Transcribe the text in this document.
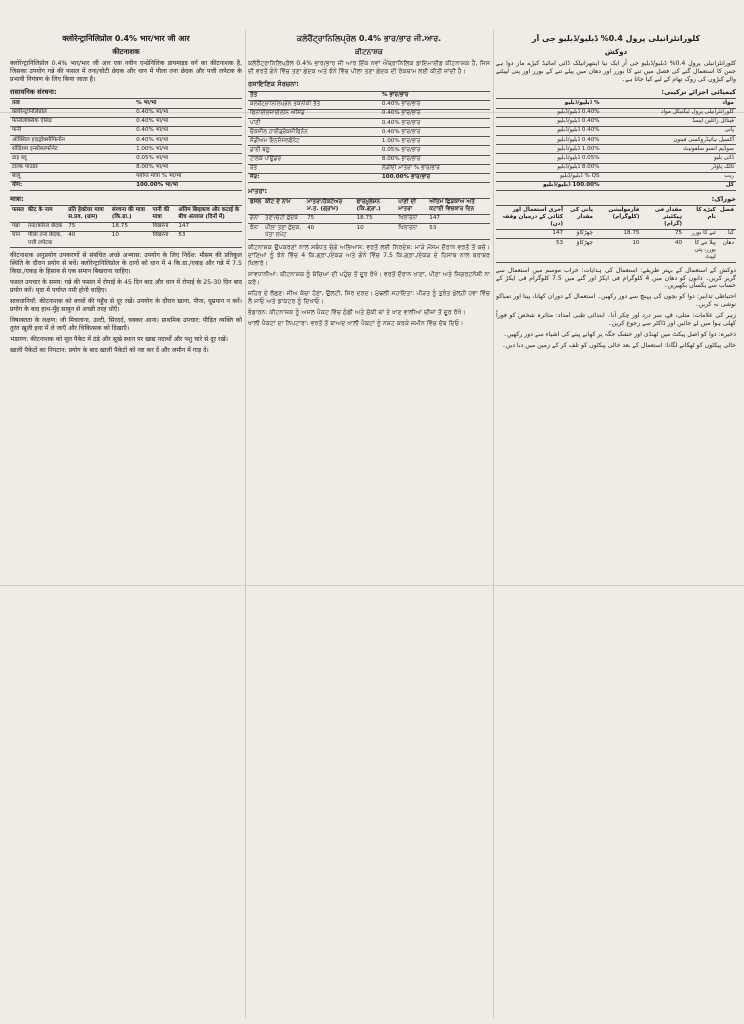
क्लोरेन्ट्रानिलिप्रोल 0.4% भार/भार जी आर
कीटनाशक

क्लोरेन्ट्रानिलिप्रोल 0.4% भार/भार जी आर एक नवीन एन्थ्रेनिलिक डायमाइड वर्ग का कीटनाशक है, जिसका उपयोग गन्ने की फसल में तना/चोटी छेदक और धान में पीला तना छेदक और पत्ती लपेटक के प्रभावी नियंत्रण के लिए किया जाता है।

रासायनिक संरचना:
तत्व	% भा/भा
क्लोरेन्ट्रानिलिप्रोल	0.40% भा/भा
फेनिलिक्सिक ऐसिड	0.40% भा/भा
पानी	0.40% भा/भा
ऑक्सिल हाइड्रोक्सीफिनोन	0.40% भा/भा
सोडियम इन्सोसल्फोनेट	1.00% भा/भा
डाइ ब्लू	0.05% भा/भा
टाल्क पाउडर	8.00% भा/भा
बालू	पर्याप्त मात्रा % भा/भा
योग:	100.00% भा/भा
मात्रा:
फसल	कीट के नाम	प्रति हेक्टेयर मात्रा स.प्रव. (ग्राम)	संरचना की मात्रा (कि.ग्रा.)	पानी की मात्रा	अंतिम छिड़काव और कटाई के बीच अंतराल (दिनों में)
गन्ना	तना/कोरल छेदक	75	18.75	विखरना	147
धान	पीला तना छेदक, पत्ती लपेटक	40	10	विखरना	53

कीटनाशक अनुप्रयोग उपकरणों से संबंधित अच्छे अभ्यास: उपयोग के लिए निर्देश: मौसम की प्रतिकूल स्थिति के दौरान प्रयोग से बचें। क्लोरेन्ट्रानिलिप्रोल के दानों को धान में 4 कि.ग्रा./एकड़ और गन्ने में 7.5 किग्रा./एकड़ के हिसाब से एक समान बिखराना चाहिए।

फसल उपचार के समय: गन्ने की फसल में रोपाई के 45 दिन बाद और धान में रोपाई के 25-30 दिन बाद प्रयोग करें। मृदा में पर्याप्त नमी होनी चाहिए।

सावधानियाँ: कीटनाशक को बच्चों की पहुँच से दूर रखें। उपयोग के दौरान खाना, पीना, धूम्रपान न करें। प्रयोग के बाद हाथ-मुँह साबुन से अच्छी तरह धोएँ।

विषाक्तता के लक्षण: जी मिचलाना, उल्टी, सिरदर्द, चक्कर आना। प्राथमिक उपचार: पीड़ित व्यक्ति को तुरंत खुली हवा में ले जाएँ और चिकित्सक को दिखाएँ।

भंडारण: कीटनाशक को मूल पैकेट में ठंडे और सूखे स्थान पर खाद्य पदार्थों और पशु चारे से दूर रखें।

खाली पैकेटों का निपटान: प्रयोग के बाद खाली पैकेटों को नष्ट कर दें और जमीन में गाड़ दें।

ਕਲੋਰੈਂਟ੍ਰਾਨਿਲਿਪ੍ਰੋਲ 0.4% ਭਾਰ/ਭਾਰ ਜੀ.ਆਰ.
ਕੀਟਨਾਸ਼ਕ

ਕਲੋਰੈਂਟ੍ਰਾਨਿਲਿਪ੍ਰੋਲ 0.4% ਭਾਰ/ਭਾਰ ਜੀ ਆਰ ਇੱਕ ਨਵਾਂ ਐਂਥ੍ਰਾਨਿਲਿਕ ਡਾਇਮਾਈਡ ਕੀਟਨਾਸ਼ਕ ਹੈ, ਜਿਸ ਦੀ ਵਰਤੋਂ ਗੰਨੇ ਵਿੱਚ ਤਣਾ ਛੇਦਕ ਅਤੇ ਝੋਨੇ ਵਿੱਚ ਪੀਲਾ ਤਣਾ ਛੇਦਕ ਦੀ ਰੋਕਥਾਮ ਲਈ ਕੀਤੀ ਜਾਂਦੀ ਹੈ।

ਰਸਾਇਣਿਕ ਸੰਰਚਨਾ:
ਤੱਤ	% ਭਾਰ/ਭਾਰ
ਕਲੋਰੈਂਟ੍ਰਾਨਿਲਿਪ੍ਰੋਲ ਤਕਨੀਕੀ ਤੱਤ	0.40% ਭਾਰ/ਭਾਰ
ਫਿਨਾਈਲਜ਼ਾਈਲੀਨ ਐਸਿਡ	0.40% ਭਾਰ/ਭਾਰ
ਪਾਣੀ	0.40% ਭਾਰ/ਭਾਰ
ਓਕਸੀਲ ਹਾਈਡ੍ਰੋਕਸੀਫਿਨੋਨ	0.40% ਭਾਰ/ਭਾਰ
ਸੋਡੀਅਮ ਇਨਸੋਸਲਫੋਨੇਟ	1.00% ਭਾਰ/ਭਾਰ
ਡਾਈ ਬਲੂ	0.05% ਭਾਰ/ਭਾਰ
ਟਾਲਕ ਪਾਊਡਰ	8.00% ਭਾਰ/ਭਾਰ
ਰੇਤ	ਲੋੜੀਂਦੀ ਮਾਤਰਾ % ਭਾਰ/ਭਾਰ
ਜੋੜ:	100.00% ਭਾਰ/ਭਾਰ
ਮਾਤਰਾ:
ਫਸਲ	ਕੀਟ ਦੇ ਨਾਮ	ਮਾਤਰਾ/ਹੈਕਟੇਅਰ ਮ.ਤ. (ਗ੍ਰਾਮ)	ਫਾਰਮੂਲੇਸ਼ਨ (ਕਿ.ਗ੍ਰਾ.)	ਪਾਣੀ ਦੀ ਮਾਤਰਾ	ਅੰਤਿਮ ਛਿੜਕਾਅ ਅਤੇ ਕਟਾਈ ਵਿਚਕਾਰ ਦਿਨ
ਗੰਨਾ	ਤਣਾ/ਚੋਟੀ ਛੇਦਕ	75	18.75	ਖਿਲਾਰਨਾ	147
ਝੋਨਾ	ਪੀਲਾ ਤਣਾ ਛੇਦਕ, ਪੱਤਾ ਲਪੇਟ	40	10	ਖਿਲਾਰਨਾ	53

ਕੀਟਨਾਸ਼ਕ ਉਪਕਰਣਾਂ ਨਾਲ ਸਬੰਧਤ ਚੰਗੇ ਅਭਿਆਸ: ਵਰਤੋਂ ਲਈ ਨਿਰਦੇਸ਼: ਮਾੜੇ ਮੌਸਮ ਦੌਰਾਨ ਵਰਤੋਂ ਤੋਂ ਬਚੋ। ਦਾਣਿਆਂ ਨੂੰ ਝੋਨੇ ਵਿੱਚ 4 ਕਿ.ਗ੍ਰਾ./ਏਕੜ ਅਤੇ ਗੰਨੇ ਵਿੱਚ 7.5 ਕਿ.ਗ੍ਰਾ./ਏਕੜ ਦੇ ਹਿਸਾਬ ਨਾਲ ਬਰਾਬਰ ਖਿਲਾਰੋ।

ਸਾਵਧਾਨੀਆਂ: ਕੀਟਨਾਸ਼ਕ ਨੂੰ ਬੱਚਿਆਂ ਦੀ ਪਹੁੰਚ ਤੋਂ ਦੂਰ ਰੱਖੋ। ਵਰਤੋਂ ਦੌਰਾਨ ਖਾਣਾ, ਪੀਣਾ ਅਤੇ ਸਿਗਰਟਨੋਸ਼ੀ ਨਾ ਕਰੋ।

ਜ਼ਹਿਰ ਦੇ ਲੱਛਣ: ਜੀਅ ਕੱਚਾ ਹੋਣਾ, ਉਲਟੀ, ਸਿਰ ਦਰਦ। ਮੁੱਢਲੀ ਸਹਾਇਤਾ: ਪੀੜਤ ਨੂੰ ਤੁਰੰਤ ਖੁੱਲ੍ਹੀ ਹਵਾ ਵਿੱਚ ਲੈ ਜਾਓ ਅਤੇ ਡਾਕਟਰ ਨੂੰ ਦਿਖਾਓ।

ਭੰਡਾਰਨ: ਕੀਟਨਾਸ਼ਕ ਨੂੰ ਅਸਲ ਪੈਕਟ ਵਿੱਚ ਠੰਡੀ ਅਤੇ ਸੁੱਕੀ ਥਾਂ ਤੇ ਖਾਣ ਵਾਲੀਆਂ ਚੀਜ਼ਾਂ ਤੋਂ ਦੂਰ ਰੱਖੋ।

ਖਾਲੀ ਪੈਕਟਾਂ ਦਾ ਨਿਪਟਾਰਾ: ਵਰਤੋਂ ਤੋਂ ਬਾਅਦ ਖਾਲੀ ਪੈਕਟਾਂ ਨੂੰ ਨਸ਼ਟ ਕਰਕੇ ਜ਼ਮੀਨ ਵਿੱਚ ਦੱਬ ਦਿਓ।

کلورانٹرانیلی پرول 0.4% ڈبلیو/ڈبلیو جی آر
دوکش

کلورانٹرانیلی پرول 0.4% ڈبلیو/ڈبلیو جی آر ایک نیا اینتھرانیلک ڈائی امائیڈ کیڑے مار دوا ہے جس کا استعمال گنے کی فصل میں تنے کا بورر اور دھان میں پیلے تنے کے بورر اور پتی لپیٹنے والے کیڑوں کی روک تھام کے لیے کیا جاتا ہے۔

کیمیائی اجزائے ترکیبی:
مواد	% ڈبلیو/ڈبلیو
کلورانٹرانیلی پرول ٹیکنیکل مواد	0.40% ڈبلیو/ڈبلیو
فینائل زائلین ایسڈ	0.40% ڈبلیو/ڈبلیو
پانی	0.40% ڈبلیو/ڈبلیو
آکسیل ہائیڈروکسی فینون	0.40% ڈبلیو/ڈبلیو
سوڈیم انسو سلفونیٹ	1.00% ڈبلیو/ڈبلیو
ڈائی بلیو	0.05% ڈبلیو/ڈبلیو
ٹالک پاؤڈر	8.00% ڈبلیو/ڈبلیو
ریت	QS % ڈبلیو/ڈبلیو
کل	100.00% ڈبلیو/ڈبلیو
خوراک:
فصل	کیڑے کا نام	مقدار فی ہیکٹیئر (گرام)	فارمولیشن (کلوگرام)	پانی کی مقدار	آخری استعمال اور کٹائی کے درمیان وقفہ (دن)
گنا	تنے کا بورر	75	18.75	چھڑکاؤ	147
دھان	پیلا تنے کا بورر، پتی لپیٹ	40	10	چھڑکاؤ	53

دوکش کے استعمال کے بہتر طریقے: استعمال کی ہدایات: خراب موسم میں استعمال سے گریز کریں۔ دانوں کو دھان میں 4 کلوگرام فی ایکڑ اور گنے میں 7.5 کلوگرام فی ایکڑ کے حساب سے یکساں بکھیریں۔

احتیاطی تدابیر: دوا کو بچوں کی پہنچ سے دور رکھیں۔ استعمال کے دوران کھانا، پینا اور تمباکو نوشی نہ کریں۔

زہر کی علامات: متلی، قے، سر درد اور چکر آنا۔ ابتدائی طبی امداد: متاثرہ شخص کو فوراً کھلی ہوا میں لے جائیں اور ڈاکٹر سے رجوع کریں۔

ذخیرہ: دوا کو اصل پیکٹ میں ٹھنڈی اور خشک جگہ پر کھانے پینے کی اشیاء سے دور رکھیں۔

خالی پیکٹوں کو ٹھکانے لگانا: استعمال کے بعد خالی پیکٹوں کو تلف کر کے زمین میں دبا دیں۔
